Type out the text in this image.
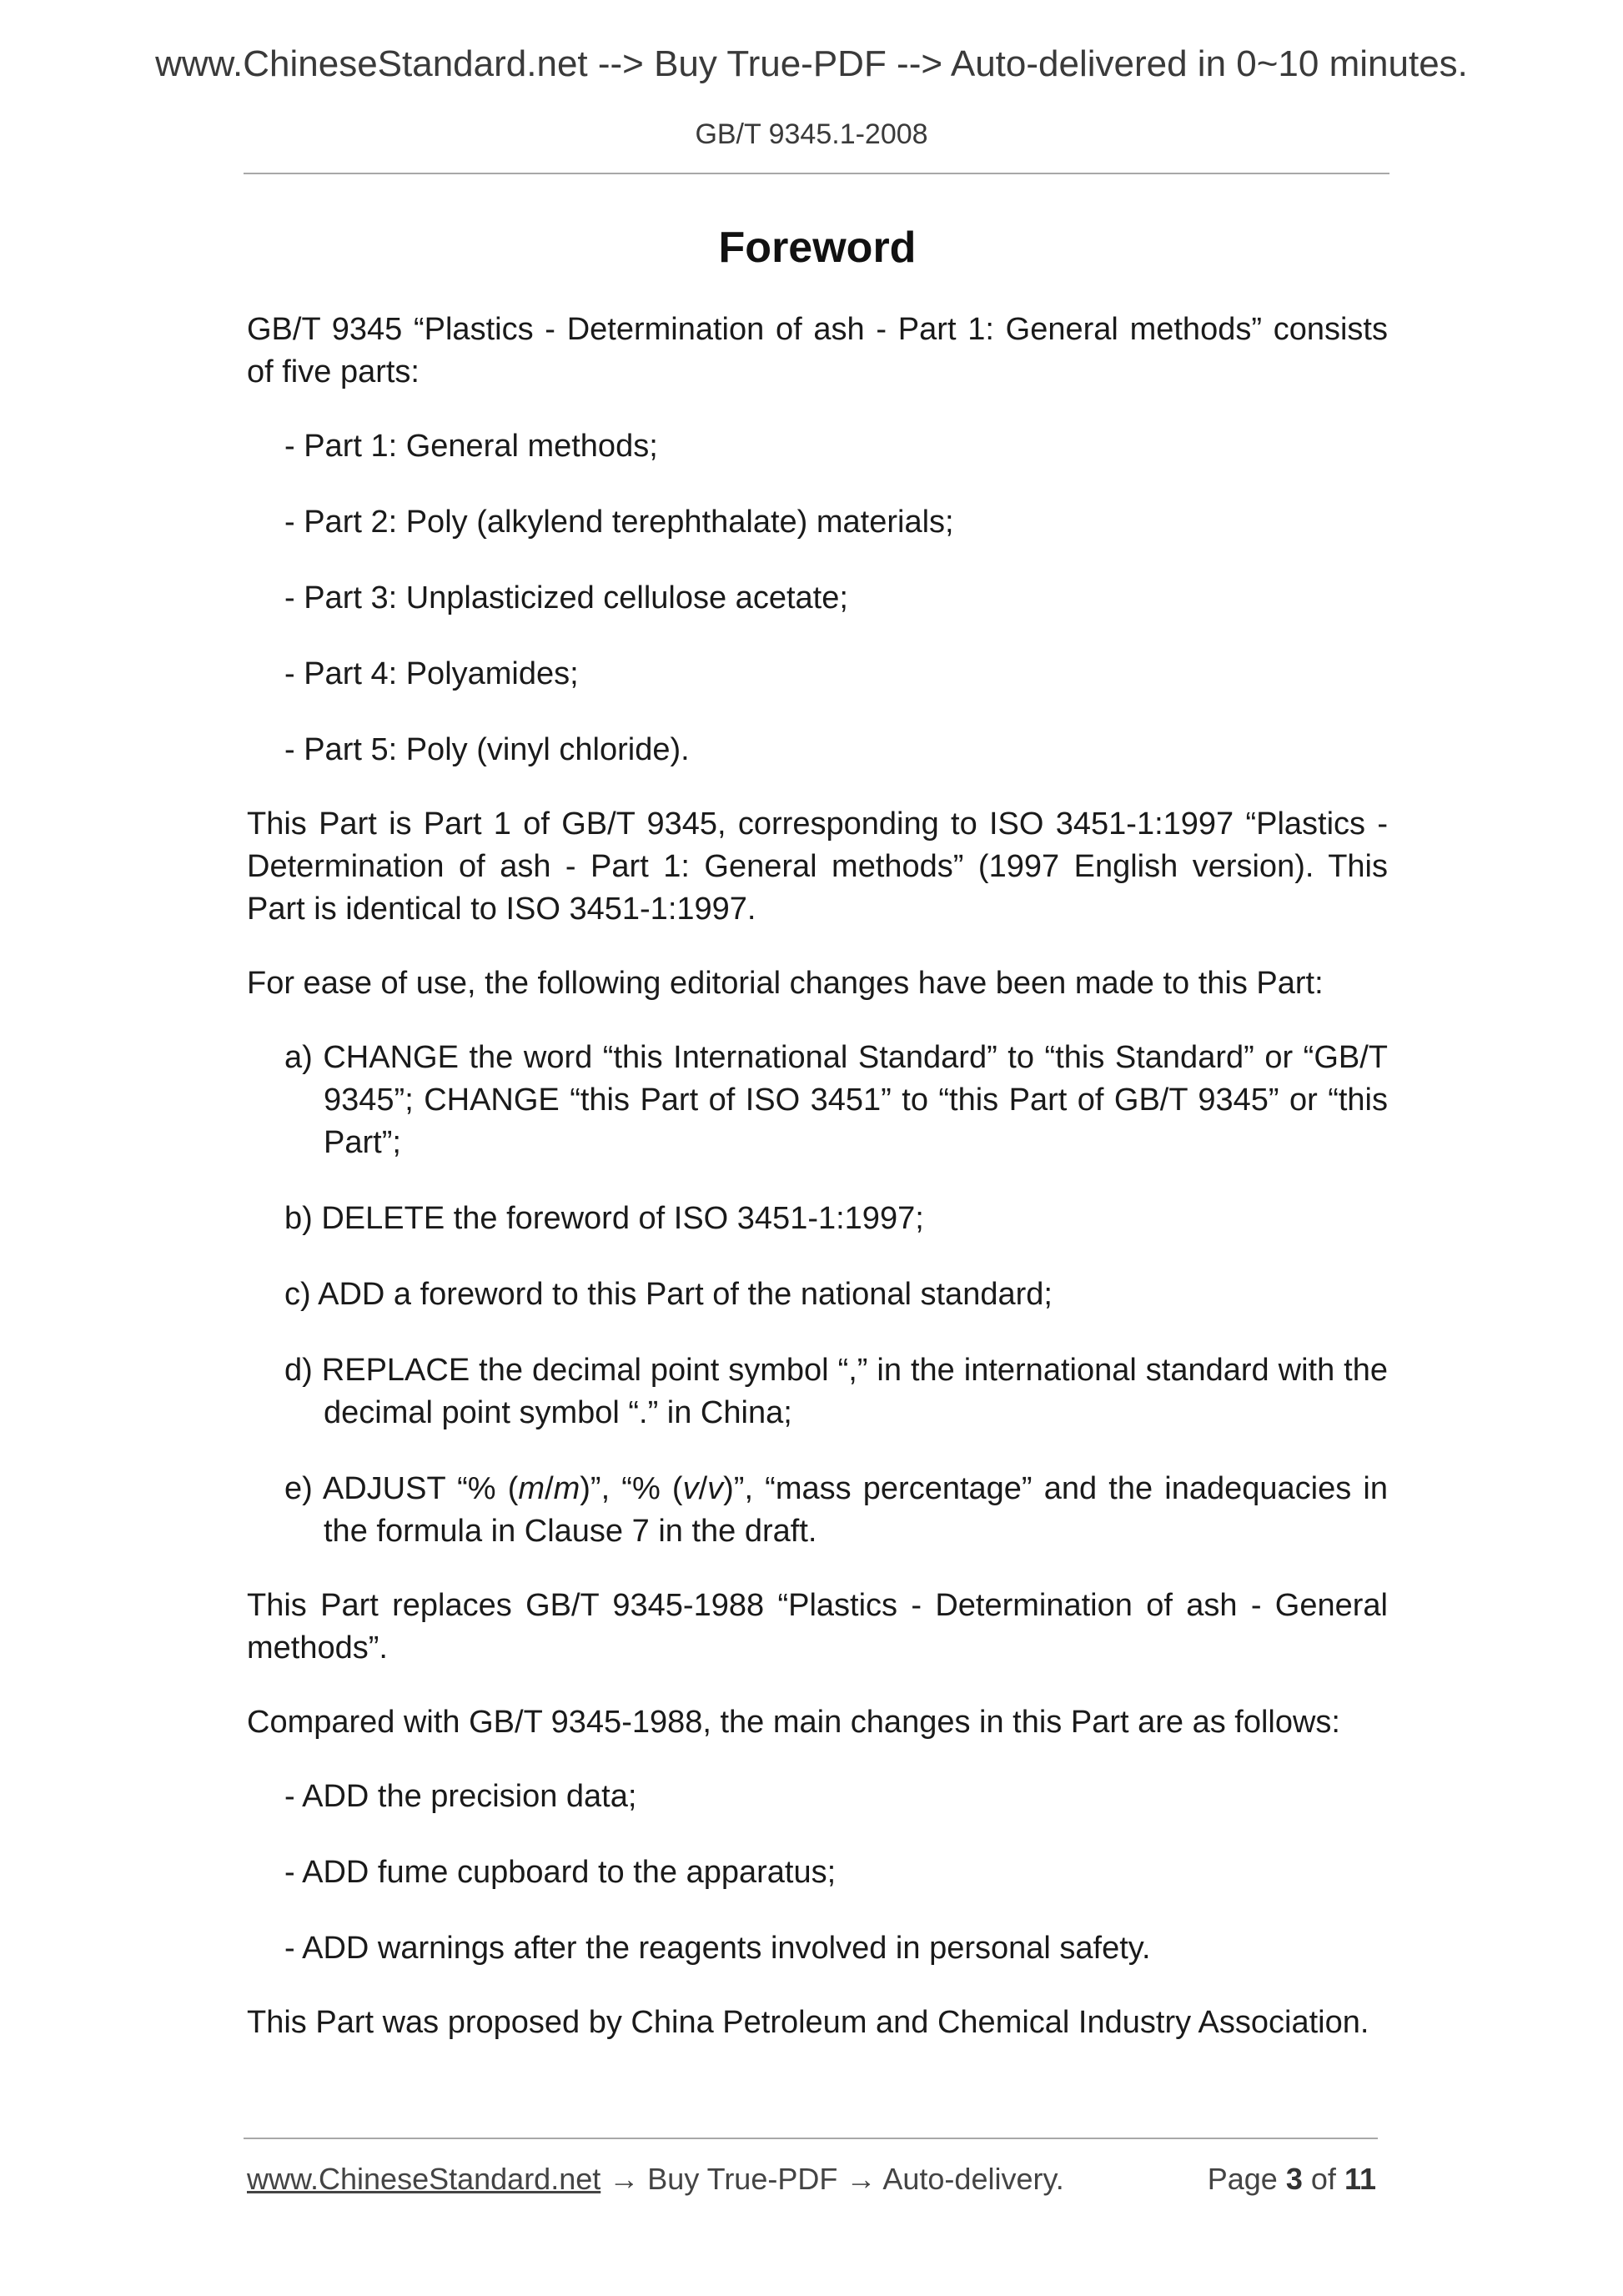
www.ChineseStandard.net --> Buy True-PDF --> Auto-delivered in 0~10 minutes.
GB/T 9345.1-2008
Foreword

GB/T 9345 “Plastics - Determination of ash - Part 1: General methods” consists of five parts:

- Part 1: General methods;
- Part 2: Poly (alkylend terephthalate) materials;
- Part 3: Unplasticized cellulose acetate;
- Part 4: Polyamides;
- Part 5: Poly (vinyl chloride).

This Part is Part 1 of GB/T 9345, corresponding to ISO 3451-1:1997 “Plastics - Determination of ash - Part 1: General methods” (1997 English version). This Part is identical to ISO 3451-1:1997.

For ease of use, the following editorial changes have been made to this Part:

a) CHANGE the word “this International Standard” to “this Standard” or “GB/T 9345”; CHANGE “this Part of ISO 3451” to “this Part of GB/T 9345” or “this Part”;
b) DELETE the foreword of ISO 3451-1:1997;
c) ADD a foreword to this Part of the national standard;
d) REPLACE the decimal point symbol “,” in the international standard with the decimal point symbol “.” in China;
e) ADJUST “% (m/m)”, “% (v/v)”, “mass percentage” and the inadequacies in the formula in Clause 7 in the draft.

This Part replaces GB/T 9345-1988 “Plastics - Determination of ash - General methods”.

Compared with GB/T 9345-1988, the main changes in this Part are as follows:

- ADD the precision data;
- ADD fume cupboard to the apparatus;
- ADD warnings after the reagents involved in personal safety.

This Part was proposed by China Petroleum and Chemical Industry Association.

www.ChineseStandard.net → Buy True-PDF → Auto-delivery.	Page 3 of 11
